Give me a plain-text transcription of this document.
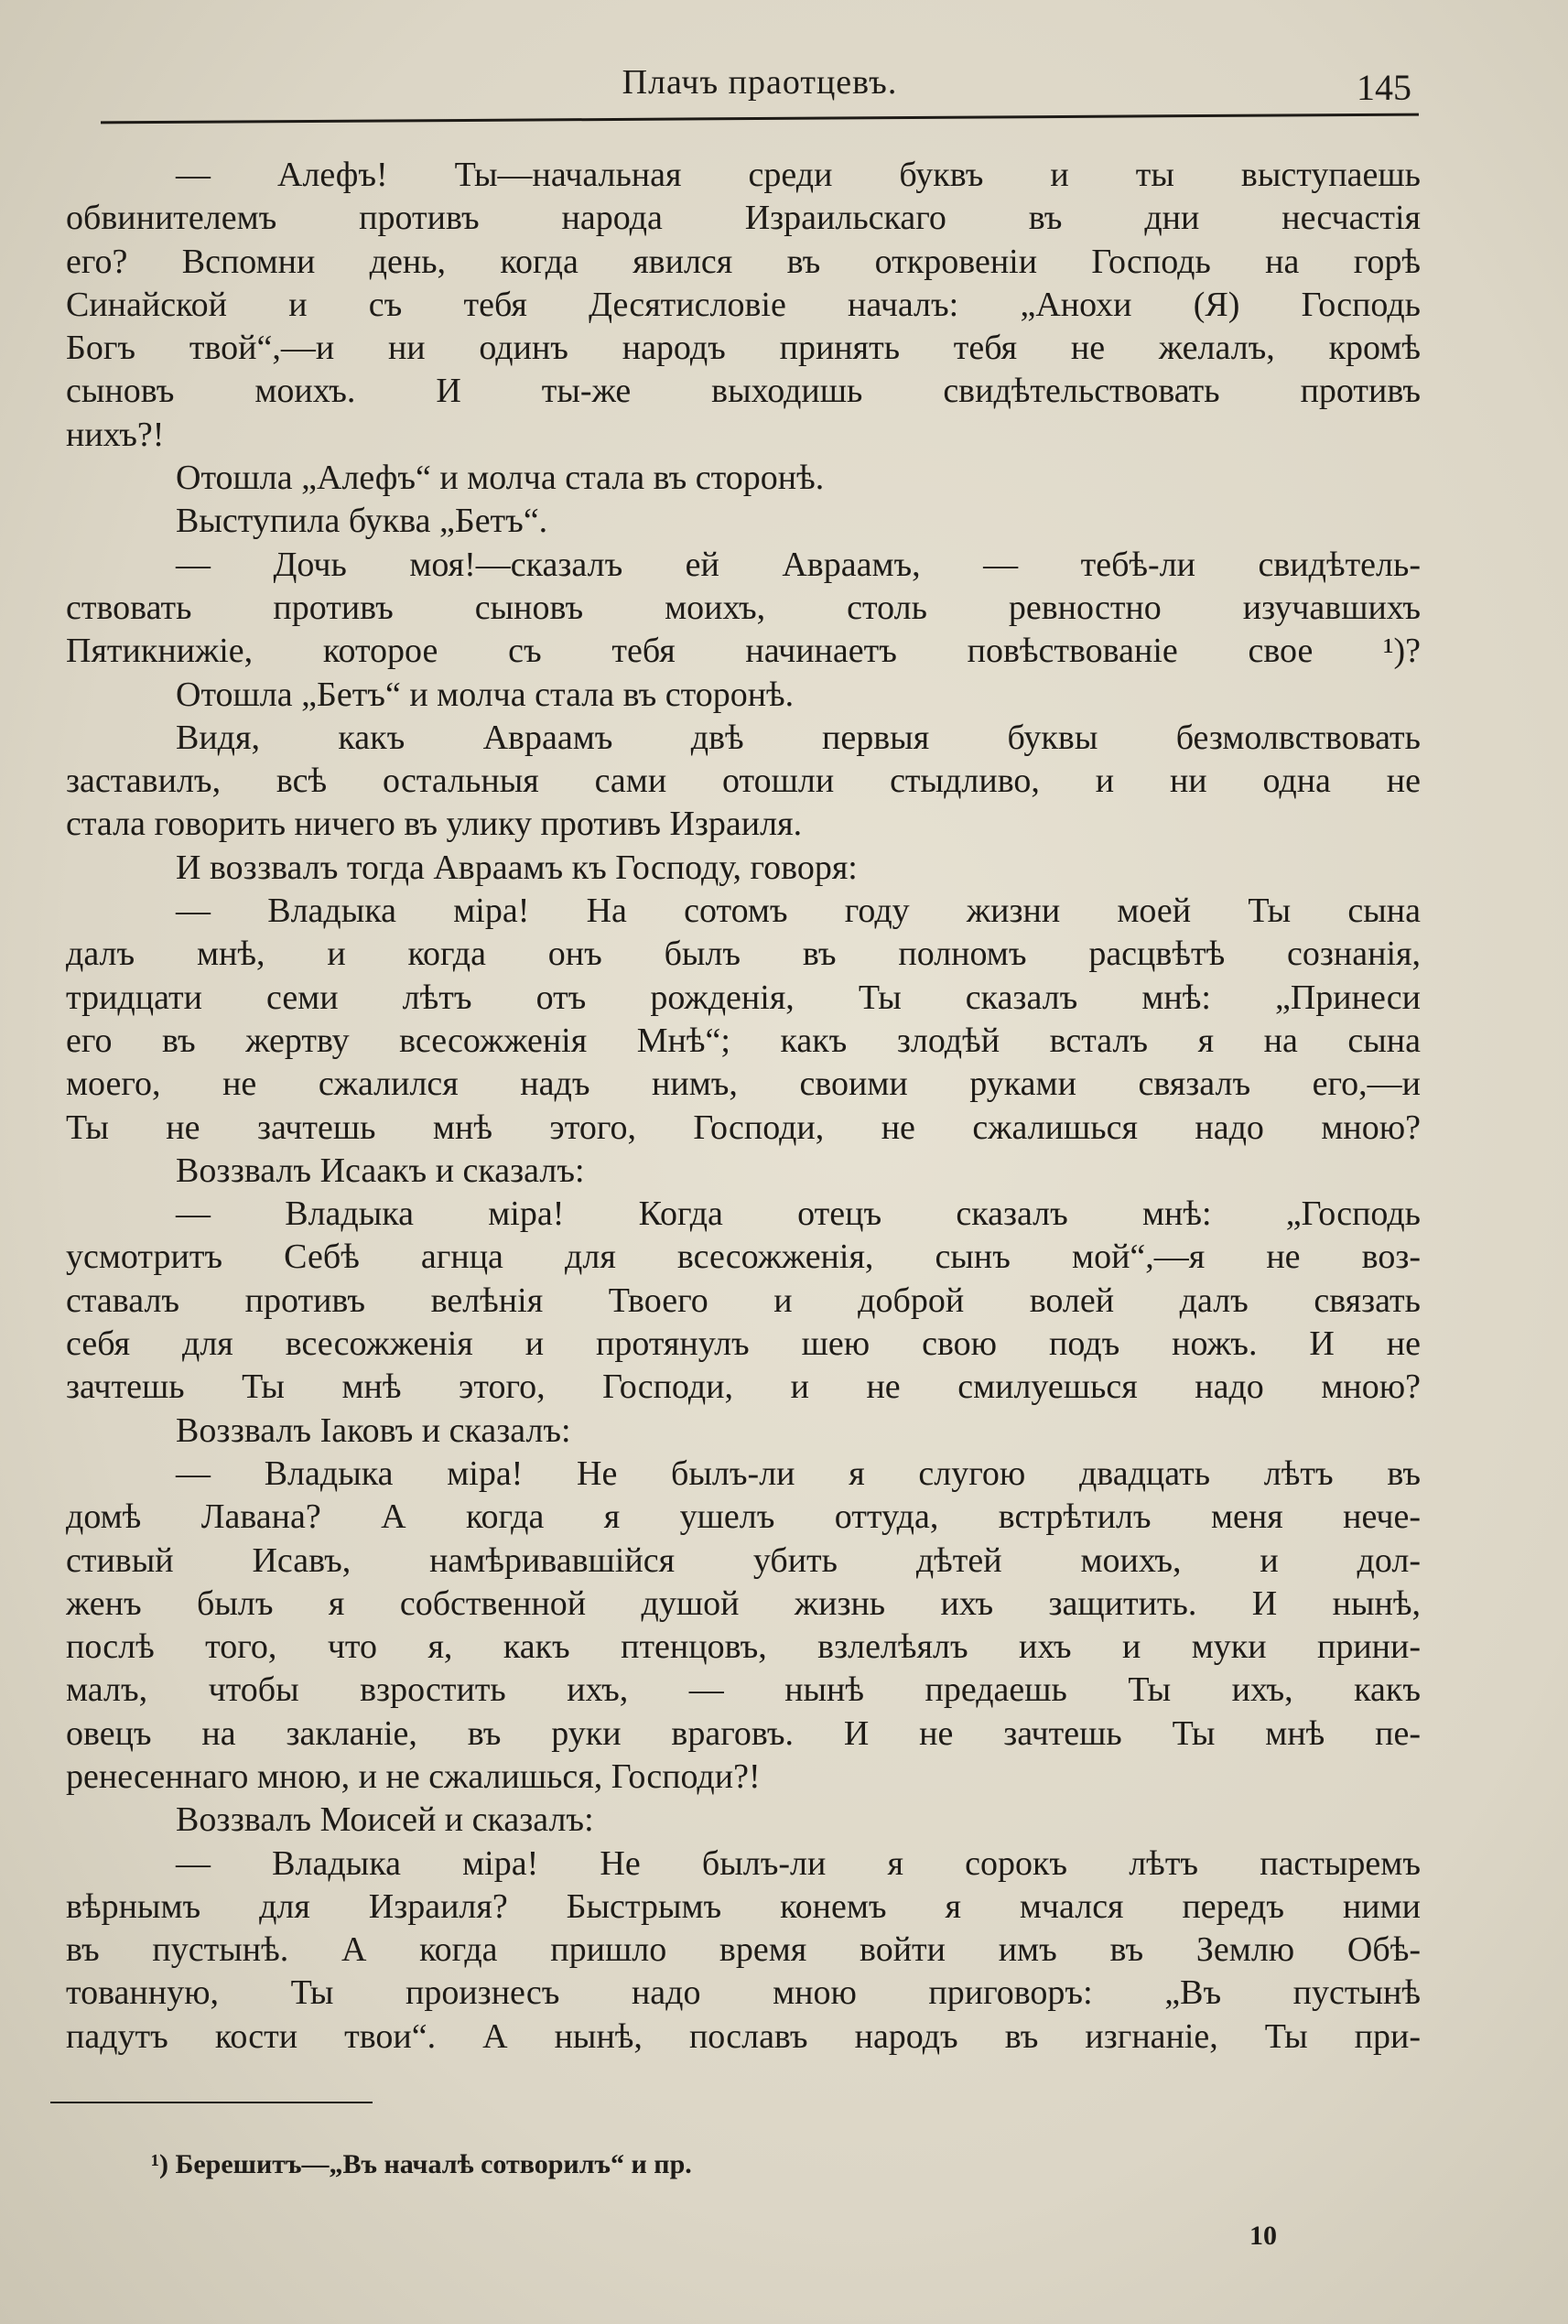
Плачъ праотцевъ.	145
— Алефъ! Ты—начальная среди буквъ и ты выступаешь
обвинителемъ противъ народа Израильскаго въ дни несчастія
его? Вспомни день, когда явился въ откровеніи Господь на горѣ
Синайской и съ тебя Десятисловіе началъ: „Анохи (Я) Господь
Богъ твой“,—и ни одинъ народъ принять тебя не желалъ, кромѣ
сыновъ моихъ. И ты-же выходишь свидѣтельствовать противъ
нихъ?!
Отошла „Алефъ“ и молча стала въ сторонѣ.
Выступила буква „Бетъ“.
— Дочь моя!—сказалъ ей Авраамъ, — тебѣ-ли свидѣтель-
ствовать противъ сыновъ моихъ, столь ревностно изучавшихъ
Пятикнижіе, которое съ тебя начинаетъ повѣствованіе свое ¹)?
Отошла „Бетъ“ и молча стала въ сторонѣ.
Видя, какъ Авраамъ двѣ первыя буквы безмолвствовать
заставилъ, всѣ остальныя сами отошли стыдливо, и ни одна не
стала говорить ничего въ улику противъ Израиля.
И воззвалъ тогда Авраамъ къ Господу, говоря:
— Владыка міра! На сотомъ году жизни моей Ты сына
далъ мнѣ, и когда онъ былъ въ полномъ расцвѣтѣ сознанія,
тридцати семи лѣтъ отъ рожденія, Ты сказалъ мнѣ: „Принеси
его въ жертву всесожженія Мнѣ“; какъ злодѣй всталъ я на сына
моего, не сжалился надъ нимъ, своими руками связалъ его,—и
Ты не зачтешь мнѣ этого, Господи, не сжалишься надо мною?
Воззвалъ Исаакъ и сказалъ:
— Владыка міра! Когда отецъ сказалъ мнѣ: „Господь
усмотритъ Себѣ агнца для всесожженія, сынъ мой“,—я не воз-
ставалъ противъ велѣнія Твоего и доброй волей далъ связать
себя для всесожженія и протянулъ шею свою подъ ножъ. И не
зачтешь Ты мнѣ этого, Господи, и не смилуешься надо мною?
Воззвалъ Іаковъ и сказалъ:
— Владыка міра! Не былъ-ли я слугою двадцать лѣтъ въ
домѣ Лавана? А когда я ушелъ оттуда, встрѣтилъ меня нече-
стивый Исавъ, намѣривавшійся убить дѣтей моихъ, и дол-
женъ былъ я собственной душой жизнь ихъ защитить. И нынѣ,
послѣ того, что я, какъ птенцовъ, взлелѣялъ ихъ и муки прини-
малъ, чтобы взростить ихъ, — нынѣ предаешь Ты ихъ, какъ
овецъ на закланіе, въ руки враговъ. И не зачтешь Ты мнѣ пе-
ренесеннаго мною, и не сжалишься, Господи?!
Воззвалъ Моисей и сказалъ:
— Владыка міра! Не былъ-ли я сорокъ лѣтъ пастыремъ
вѣрнымъ для Израиля? Быстрымъ конемъ я мчался передъ ними
въ пустынѣ. А когда пришло время войти имъ въ Землю Обѣ-
тованную, Ты произнесъ надо мною приговоръ: „Въ пустынѣ
падутъ кости твои“. А нынѣ, пославъ народъ въ изгнаніе, Ты при-
¹) Берешитъ—„Въ началѣ сотворилъ“ и пр.
10
